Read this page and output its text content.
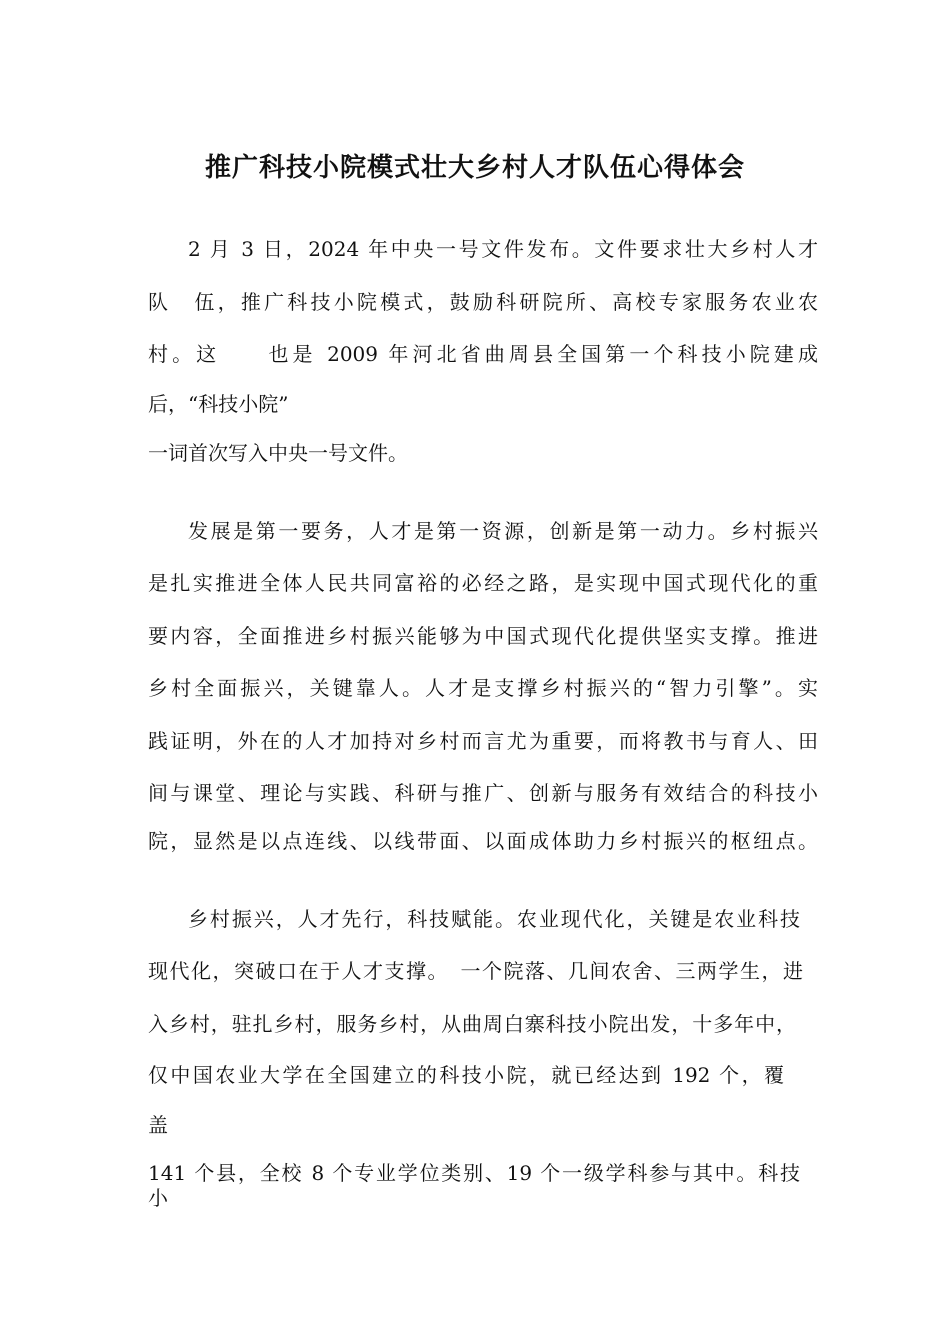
推广科技小院模式壮大乡村人才队伍心得体会
2 月 3 日，2024 年中央一号文件发布。文件要求壮大乡村人才
队　伍，推广科技小院模式，鼓励科研院所、高校专家服务农业农
村。这　　也是 2009 年河北省曲周县全国第一个科技小院建成
后，“科技小院”
一词首次写入中央一号文件。
发展是第一要务，人才是第一资源，创新是第一动力。乡村振兴
是扎实推进全体人民共同富裕的必经之路，是实现中国式现代化的重
要内容，全面推进乡村振兴能够为中国式现代化提供坚实支撑。推进
乡村全面振兴，关键靠人。人才是支撑乡村振兴的“智力引擎”。实
践证明，外在的人才加持对乡村而言尤为重要，而将教书与育人、田
间与课堂、理论与实践、科研与推广、创新与服务有效结合的科技小
院，显然是以点连线、以线带面、以面成体助力乡村振兴的枢纽点。
乡村振兴，人才先行，科技赋能。农业现代化，关键是农业科技
现代化，突破口在于人才支撑。　一个院落、几间农舍、三两学生，进
入乡村，驻扎乡村，服务乡村，从曲周白寨科技小院出发，十多年中，
仅中国农业大学在全国建立的科技小院，就已经达到 192 个，覆
盖
141 个县，全校 8 个专业学位类别、19 个一级学科参与其中。科技
小
